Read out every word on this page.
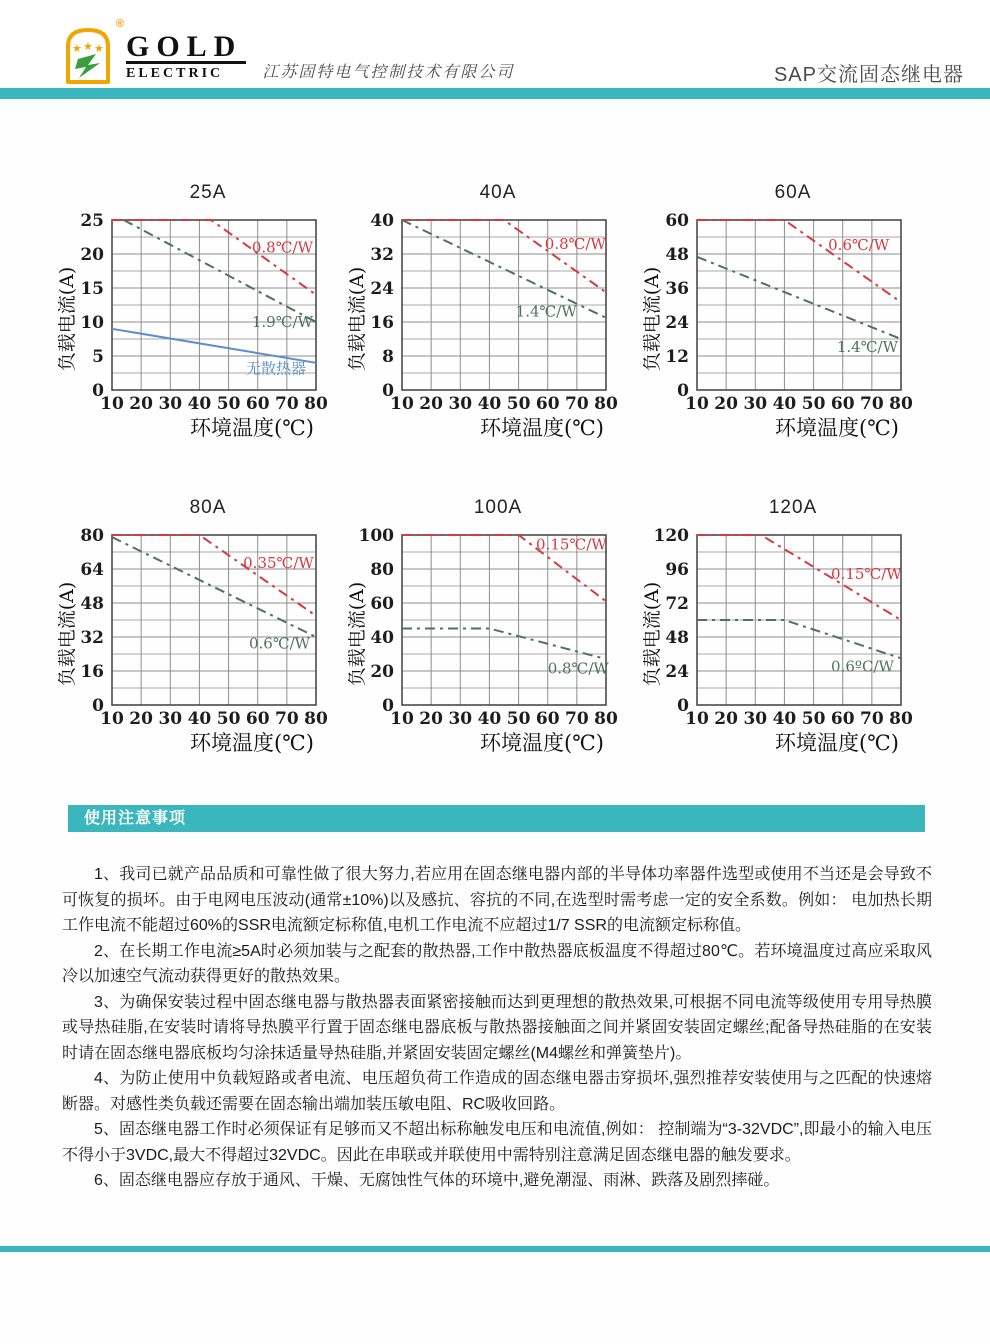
★ ★ ★
®
GOLD
ELECTRIC	江苏固特电气控制技术有限公司	SAP交流固态继电器
25A
0
5
10
15
20
25
10 20 30 40 50 60 70 80
环境温度(℃)
负载电流(A)
0.8℃/W
1.9℃/W
无散热器
40A
0
8
16
24
32
40
10 20 30 40 50 60 70 80
环境温度(℃)
负载电流(A)
0.8℃/W
1.4℃/W
60A
0
12
24
36
48
60
10 20 30 40 50 60 70 80
环境温度(℃)
负载电流(A)
0.6℃/W
1.4℃/W
80A
0
16
32
48
64
80
10 20 30 40 50 60 70 80
环境温度(℃)
负载电流(A)
0.35℃/W
0.6℃/W
100A
0
20
40
60
80
100
10 20 30 40 50 60 70 80
环境温度(℃)
负载电流(A)
0.15℃/W
0.8℃/W
120A
0
24
48
72
96
120
10 20 30 40 50 60 70 80
环境温度(℃)
负载电流(A)
0.15℃/W
0.6ºC/W
使用注意事项

1、我司已就产品品质和可靠性做了很大努力,若应用在固态继电器内部的半导体功率器件选型或使用不当还是会导致不可恢复的损坏。由于电网电压波动(通常±10%)以及感抗、容抗的不同,在选型时需考虑一定的安全系数。例如： 电加热长期工作电流不能超过60%的SSR电流额定标称值,电机工作电流不应超过1/7 SSR的电流额定标称值。

2、在长期工作电流≥5A时必须加装与之配套的散热器,工作中散热器底板温度不得超过80℃。若环境温度过高应采取风冷以加速空气流动获得更好的散热效果。

3、为确保安装过程中固态继电器与散热器表面紧密接触而达到更理想的散热效果,可根据不同电流等级使用专用导热膜或导热硅脂,在安装时请将导热膜平行置于固态继电器底板与散热器接触面之间并紧固安装固定螺丝;配备导热硅脂的在安装时请在固态继电器底板均匀涂抹适量导热硅脂,并紧固安装固定螺丝(M4螺丝和弹簧垫片)。

4、为防止使用中负载短路或者电流、电压超负荷工作造成的固态继电器击穿损坏,强烈推荐安装使用与之匹配的快速熔断器。对感性类负载还需要在固态输出端加装压敏电阻、RC吸收回路。

5、固态继电器工作时必须保证有足够而又不超出标称触发电压和电流值,例如： 控制端为“3-32VDC”,即最小的输入电压不得小于3VDC,最大不得超过32VDC。因此在串联或并联使用中需特别注意满足固态继电器的触发要求。

6、固态继电器应存放于通风、干燥、无腐蚀性气体的环境中,避免潮湿、雨淋、跌落及剧烈摔碰。
